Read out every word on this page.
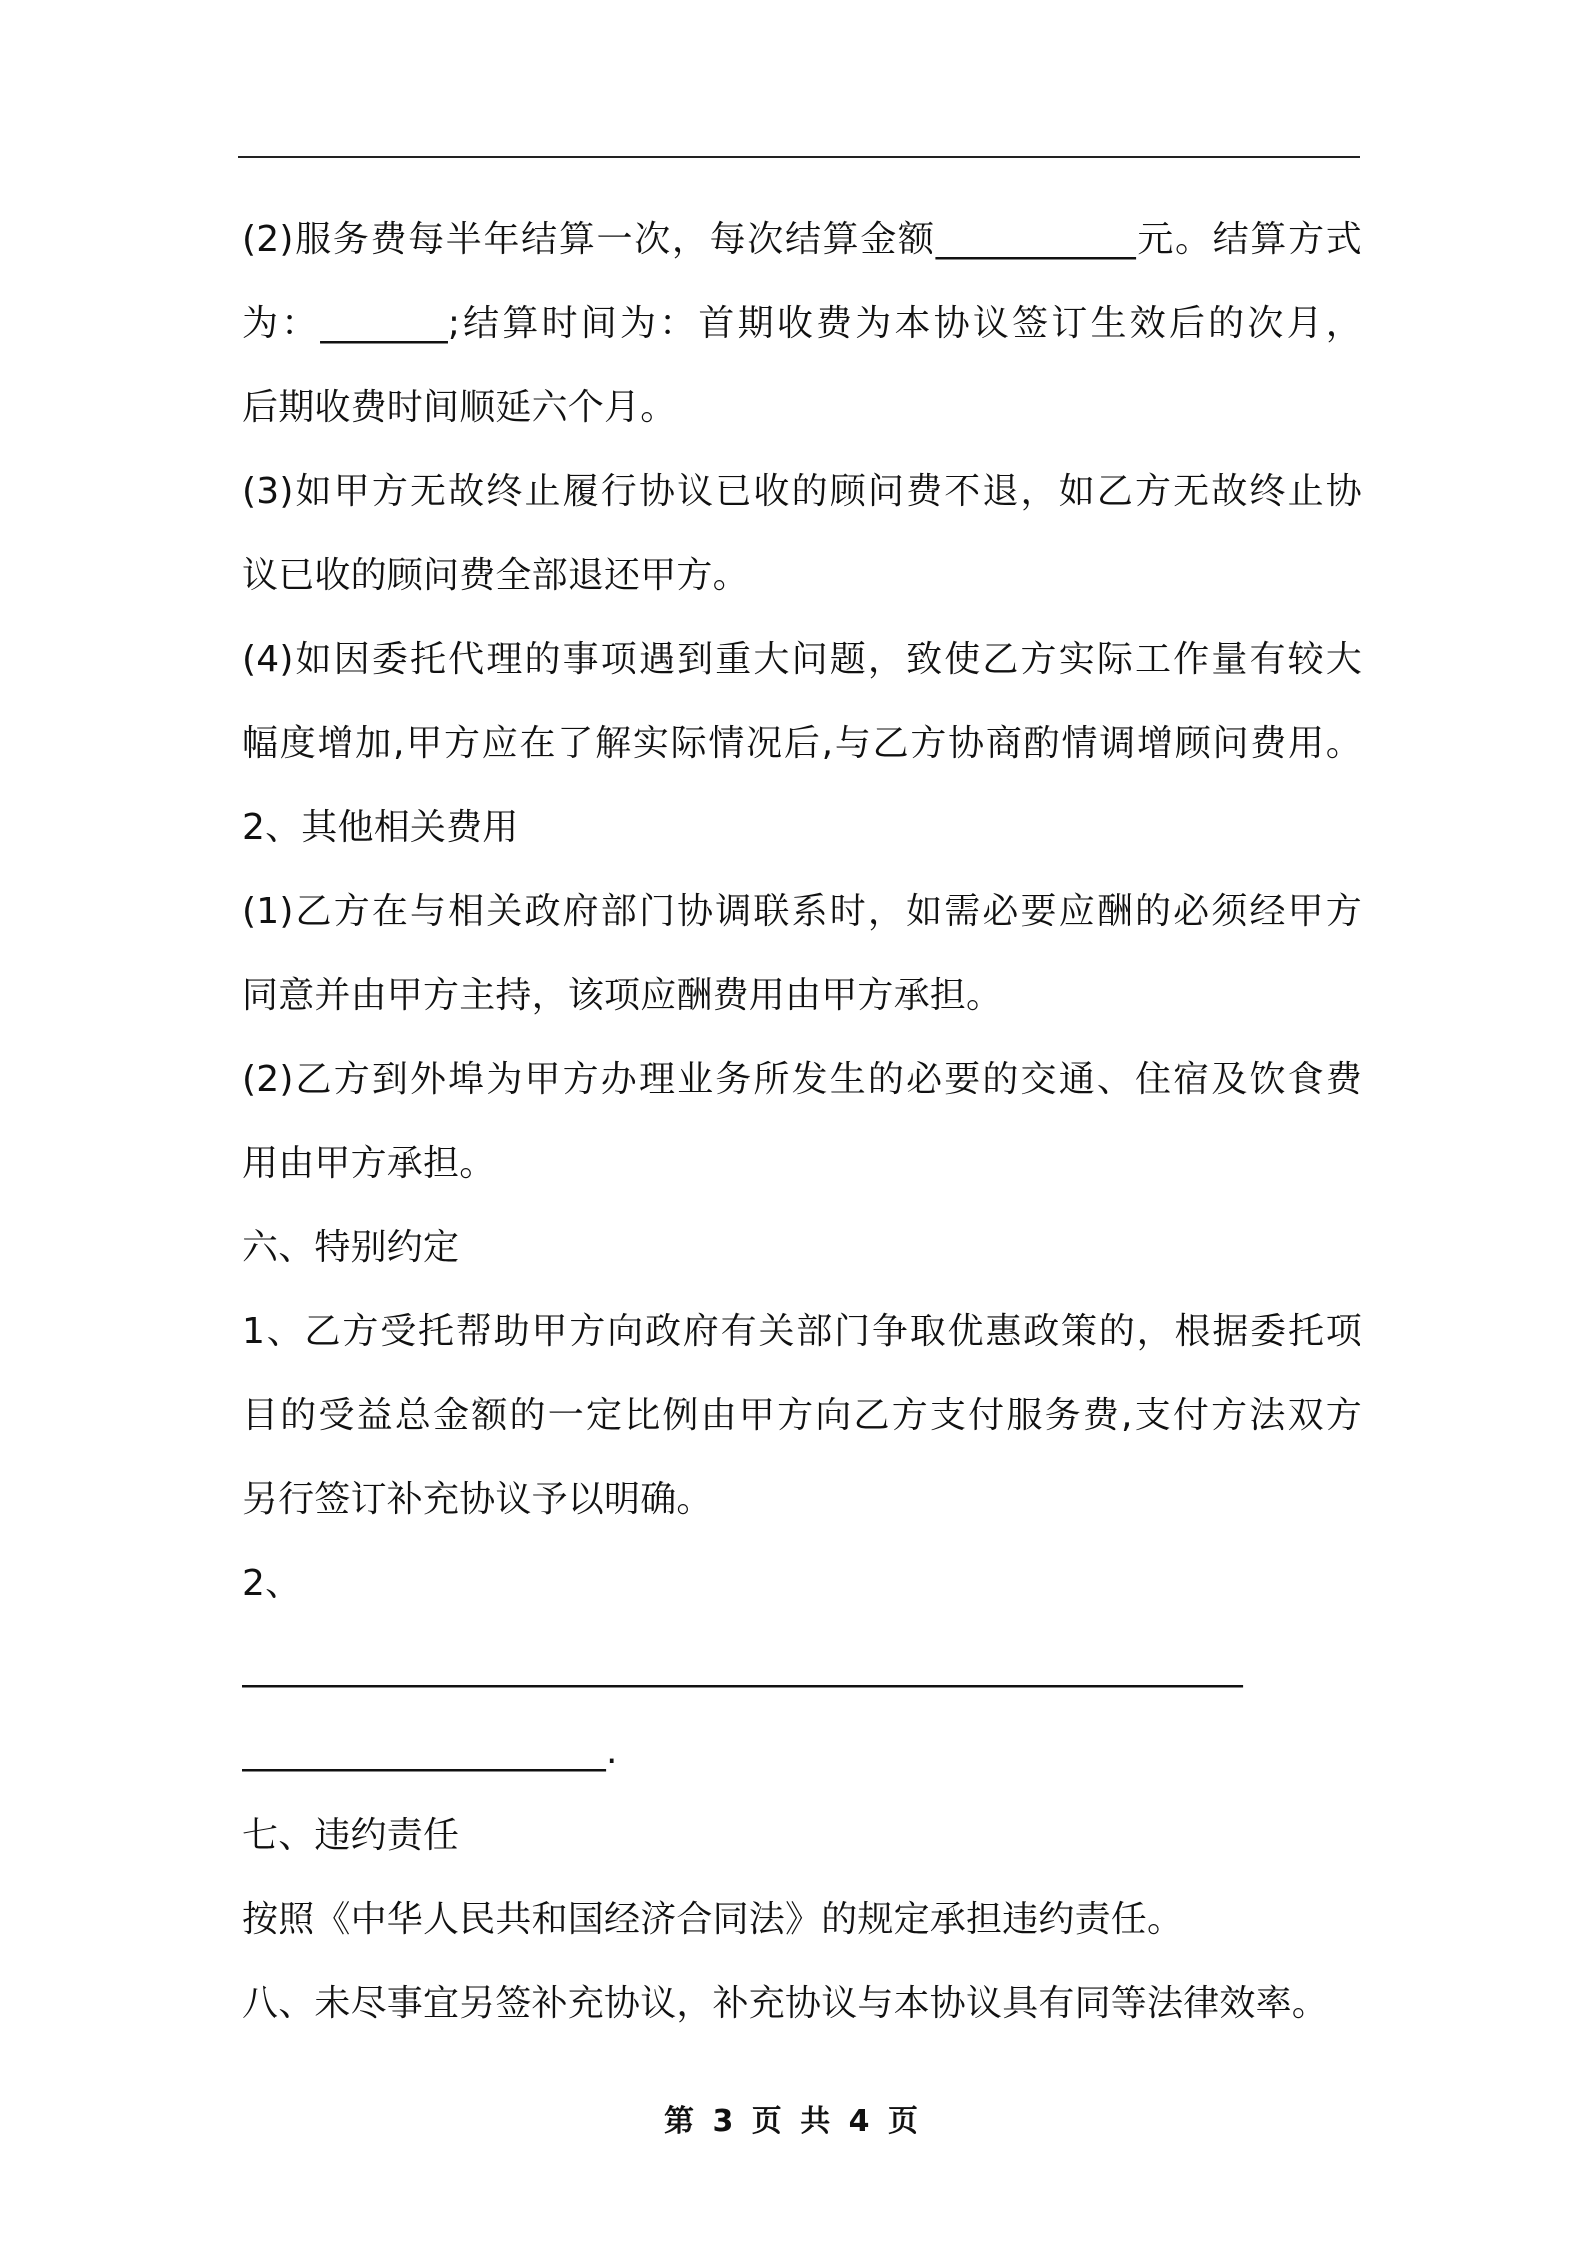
(2)服务费每半年结算一次，每次结算金额___________元。结算方式
为：_______;结算时间为：首期收费为本协议签订生效后的次月，
后期收费时间顺延六个月。
(3)如甲方无故终止履行协议已收的顾问费不退，如乙方无故终止协
议已收的顾问费全部退还甲方。
(4)如因委托代理的事项遇到重大问题，致使乙方实际工作量有较大
幅度增加,甲方应在了解实际情况后,与乙方协商酌情调增顾问费用。
2、其他相关费用
(1)乙方在与相关政府部门协调联系时，如需必要应酬的必须经甲方
同意并由甲方主持，该项应酬费用由甲方承担。
(2)乙方到外埠为甲方办理业务所发生的必要的交通、住宿及饮食费
用由甲方承担。
六、特别约定
1、乙方受托帮助甲方向政府有关部门争取优惠政策的，根据委托项
目的受益总金额的一定比例由甲方向乙方支付服务费,支付方法双方
另行签订补充协议予以明确。
2、
_______________________________________________________
____________________.
七、违约责任
按照《中华人民共和国经济合同法》的规定承担违约责任。
八、未尽事宜另签补充协议，补充协议与本协议具有同等法律效率。
第 3 页 共 4 页
